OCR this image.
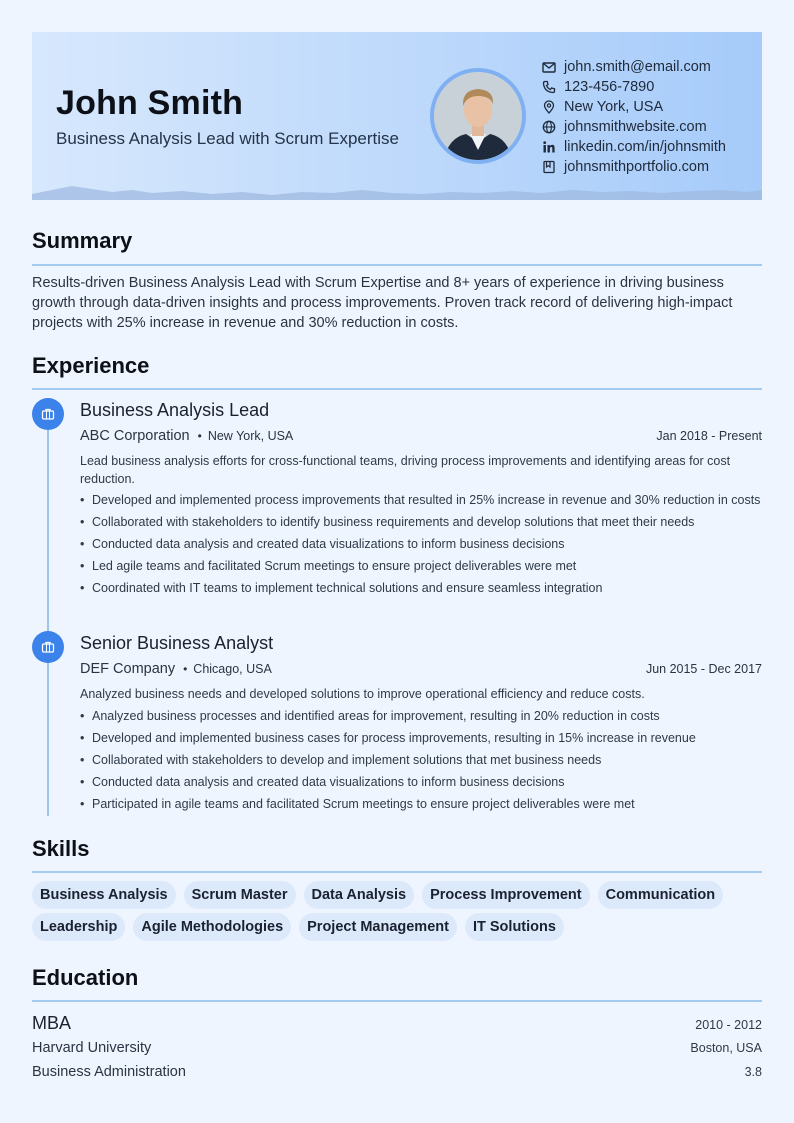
John Smith
Business Analysis Lead with Scrum Expertise
john.smith@email.com
123-456-7890
New York, USA
johnsmithwebsite.com
linkedin.com/in/johnsmith
johnsmithportfolio.com
Summary
Results-driven Business Analysis Lead with Scrum Expertise and 8+ years of experience in driving business growth through data-driven insights and process improvements. Proven track record of delivering high-impact projects with 25% increase in revenue and 30% reduction in costs.
Experience
Business Analysis Lead
ABC Corporation • New York, USA	Jan 2018 - Present
Lead business analysis efforts for cross-functional teams, driving process improvements and identifying areas for cost reduction.
• Developed and implemented process improvements that resulted in 25% increase in revenue and 30% reduction in costs
• Collaborated with stakeholders to identify business requirements and develop solutions that meet their needs
• Conducted data analysis and created data visualizations to inform business decisions
• Led agile teams and facilitated Scrum meetings to ensure project deliverables were met
• Coordinated with IT teams to implement technical solutions and ensure seamless integration
Senior Business Analyst
DEF Company • Chicago, USA	Jun 2015 - Dec 2017
Analyzed business needs and developed solutions to improve operational efficiency and reduce costs.
• Analyzed business processes and identified areas for improvement, resulting in 20% reduction in costs
• Developed and implemented business cases for process improvements, resulting in 15% increase in revenue
• Collaborated with stakeholders to develop and implement solutions that met business needs
• Conducted data analysis and created data visualizations to inform business decisions
• Participated in agile teams and facilitated Scrum meetings to ensure project deliverables were met
Skills
Business Analysis	Scrum Master	Data Analysis	Process Improvement	Communication
Leadership	Agile Methodologies	Project Management	IT Solutions
Education
MBA	2010 - 2012
Harvard University	Boston, USA
Business Administration	3.8
